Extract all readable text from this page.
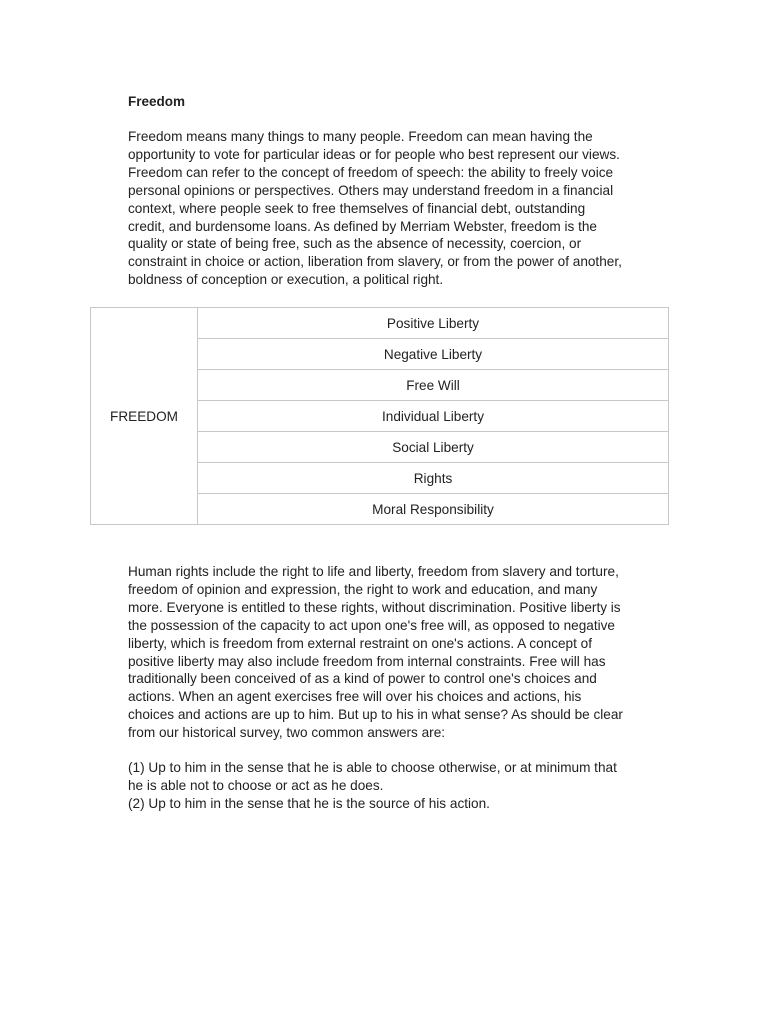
Freedom

Freedom means many things to many people. Freedom can mean having the
opportunity to vote for particular ideas or for people who best represent our views.
Freedom can refer to the concept of freedom of speech: the ability to freely voice
personal opinions or perspectives. Others may understand freedom in a financial
context, where people seek to free themselves of financial debt, outstanding
credit, and burdensome loans. As defined by Merriam Webster, freedom is the
quality or state of being free, such as the absence of necessity, coercion, or
constraint in choice or action, liberation from slavery, or from the power of another,
boldness of conception or execution, a political right.

FREEDOM	Positive Liberty
Negative Liberty
Free Will
Individual Liberty
Social Liberty
Rights
Moral Responsibility

Human rights include the right to life and liberty, freedom from slavery and torture,
freedom of opinion and expression, the right to work and education, and many
more. Everyone is entitled to these rights, without discrimination. Positive liberty is
the possession of the capacity to act upon one's free will, as opposed to negative
liberty, which is freedom from external restraint on one's actions. A concept of
positive liberty may also include freedom from internal constraints. Free will has
traditionally been conceived of as a kind of power to control one's choices and
actions. When an agent exercises free will over his choices and actions, his
choices and actions are up to him. But up to his in what sense? As should be clear
from our historical survey, two common answers are:

(1) Up to him in the sense that he is able to choose otherwise, or at minimum that
he is able not to choose or act as he does.
(2) Up to him in the sense that he is the source of his action.
